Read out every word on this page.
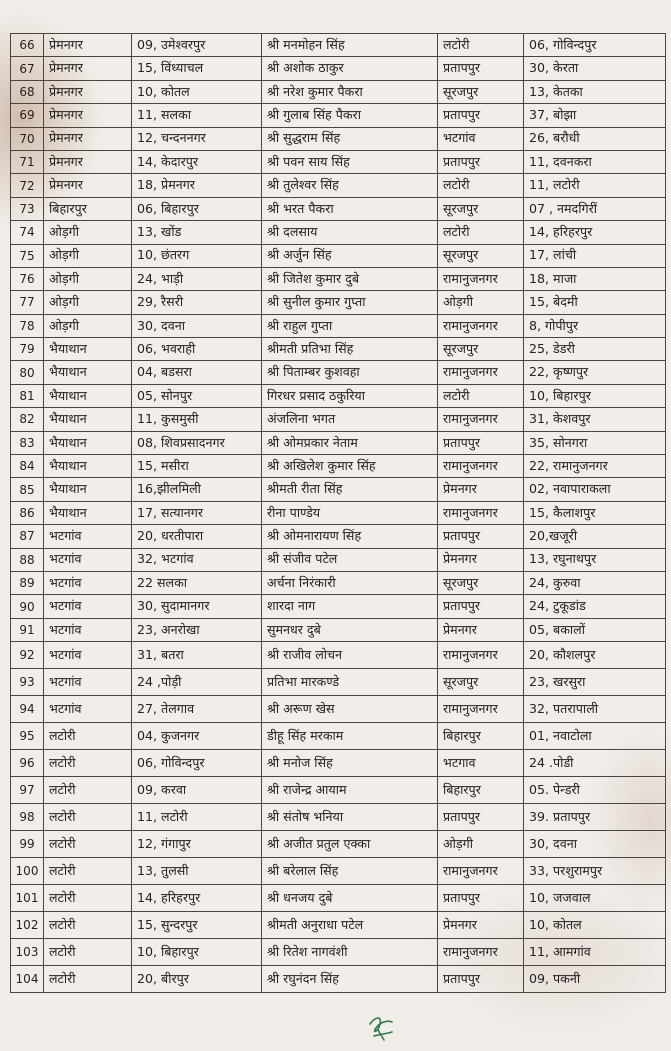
66	प्रेमनगर	09, उमेश्वरपुर	श्री मनमोहन सिंह	लटोरी	06, गोविन्दपुर
67	प्रेमनगर	15, विंध्याचल	श्री अशोक ठाकुर	प्रतापपुर	30, केरता
68	प्रेमनगर	10, कोतल	श्री नरेश कुमार पैकरा	सूरजपुर	13, केतका
69	प्रेमनगर	11, सलका	श्री गुलाब सिंह पैकरा	प्रतापपुर	37, बोझा
70	प्रेमनगर	12, चन्दननगर	श्री सुद्धराम सिंह	भटगांव	26, बरौधी
71	प्रेमनगर	14, केदारपुर	श्री पवन साय सिंह	प्रतापपुर	11, दवनकरा
72	प्रेमनगर	18, प्रेमनगर	श्री तुलेश्वर सिंह	लटोरी	11, लटोरी
73	बिहारपुर	06, बिहारपुर	श्री भरत पैकरा	सूरजपुर	07 , नमदगिरीं
74	ओड़गी	13, खोंड	श्री दलसाय	लटोरी	14, हरिहरपुर
75	ओड़गी	10, छंतरग	श्री अर्जुन सिंह	सूरजपुर	17, लांची
76	ओड़गी	24, भाड़ी	श्री जितेश कुमार दुबे	रामानुजनगर	18, माजा
77	ओड़गी	29, रैसरी	श्री सुनील कुमार गुप्ता	ओड़गी	15, बेदमी
78	ओड़गी	30, दवना	श्री राहुल गुप्ता	रामानुजनगर	8, गोपीपुर
79	भैयाथान	06, भवराही	श्रीमती प्रतिभा सिंह	सूरजपुर	25, डेडरी
80	भैयाथान	04, बडसरा	श्री पिताम्बर कुशवहा	रामानुजनगर	22, कृष्णपुर
81	भैयाथान	05, सोनपुर	गिरधर प्रसाद ठकुरिया	लटोरी	10, बिहारपुर
82	भैयाथान	11, कुसमुसी	अंजलिना भगत	रामानुजनगर	31, केशवपुर
83	भैयाथान	08, शिवप्रसादनगर	श्री ओमप्रकार नेताम	प्रतापपुर	35, सोनगरा
84	भैयाथान	15, मसीरा	श्री अखिलेश कुमार सिंह	रामानुजनगर	22, रामानुजनगर
85	भैयाथान	16,झीलमिली	श्रीमती रीता सिंह	प्रेमनगर	02, नवापाराकला
86	भैयाथान	17, सत्यानगर	रीना पाण्डेय	रामानुजनगर	15, कैलाशपुर
87	भटगांव	20, धरतीपारा	श्री ओमनारायण सिंह	प्रतापपुर	20,खजूरी
88	भटगांव	32, भटगांव	श्री संजीव पटेल	प्रेमनगर	13, रघुनाथपुर
89	भटगांव	22 सलका	अर्चना निरंकारी	सूरजपुर	24, कुरुवा
90	भटगांव	30, सुदामानगर	शारदा नाग	प्रतापपुर	24, टुकूडांड
91	भटगांव	23, अनरोखा	सुमनधर दुबे	प्रेमनगर	05, बकालों
92	भटगांव	31, बतरा	श्री राजीव लोचन	रामानुजनगर	20, कौशलपुर
93	भटगांव	24 ,पोड़ी	प्रतिभा मारकण्डे	सूरजपुर	23, खरसुरा
94	भटगांव	27, तेलगाव	श्री अरूण खेस	रामानुजनगर	32, पतरापाली
95	लटोरी	04, कुजनगर	डीहू सिंह मरकाम	बिहारपुर	01, नवाटोला
96	लटोरी	06, गोविन्दपुर	श्री मनोज सिंह	भटगाव	24 .पोडी
97	लटोरी	09, करवा	श्री राजेन्द्र आयाम	बिहारपुर	05. पेन्डरी
98	लटोरी	11, लटोरी	श्री संतोष भनिया	प्रतापपुर	39. प्रतापपुर
99	लटोरी	12, गंगापुर	श्री अजीत प्रतुल एक्का	ओड़गी	30, दवना
100	लटोरी	13, तुलसी	श्री बरेलाल सिंह	रामानुजनगर	33, परशुरामपुर
101	लटोरी	14, हरिहरपुर	श्री धनजय दुबे	प्रतापपुर	10, जजवाल
102	लटोरी	15, सुन्दरपुर	श्रीमती अनुराधा पटेल	प्रेमनगर	10, कोतल
103	लटोरी	10, बिहारपुर	श्री रितेश नागवंशी	रामानुजनगर	11, आमगांव
104	लटोरी	20, बीरपुर	श्री रघुनंदन सिंह	प्रतापपुर	09, पकनी
